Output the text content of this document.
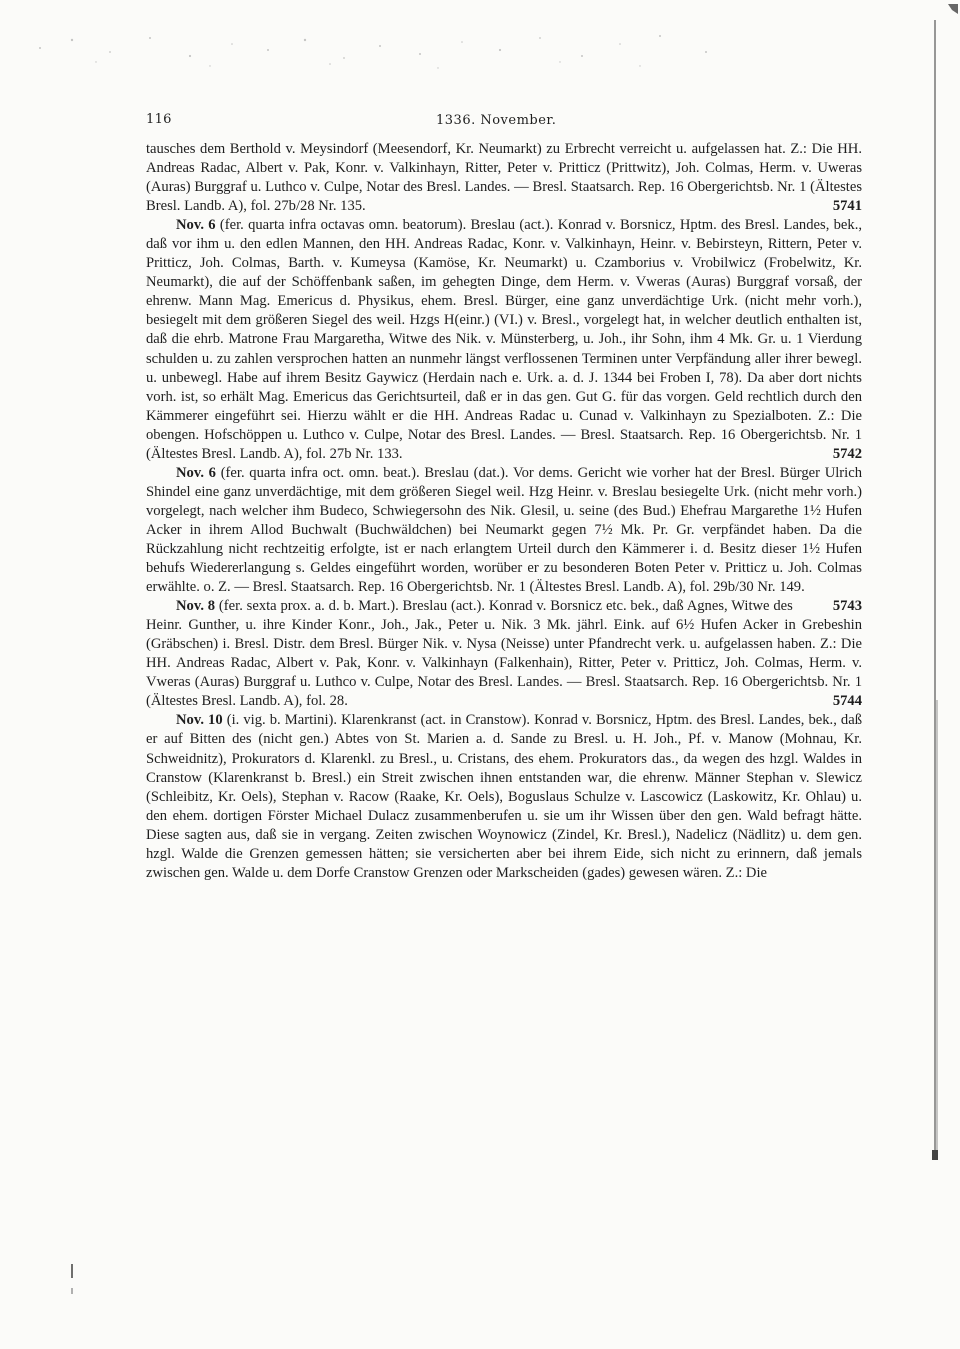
116	1336. November.

tausches dem Berthold v. Meysindorf (Meesendorf, Kr. Neumarkt) zu Erbrecht verreicht u. aufgelassen hat. Z.: Die HH. Andreas Radac, Albert v. Pak, Konr. v. Valkinhayn, Ritter, Peter v. Pritticz (Prittwitz), Joh. Colmas, Herm. v. Uweras (Auras) Burggraf u. Luthco v. Culpe, Notar des Bresl. Landes. — Bresl. Staatsarch. Rep. 16 Obergerichtsb. Nr. 1 (Ältestes Bresl. Landb. A), fol. 27b/28 Nr. 135.	5741

Nov. 6 (fer. quarta infra octavas omn. beatorum). Breslau (act.). Konrad v. Borsnicz, Hptm. des Bresl. Landes, bek., daß vor ihm u. den edlen Mannen, den HH. Andreas Radac, Konr. v. Valkinhayn, Heinr. v. Bebirsteyn, Rittern, Peter v. Pritticz, Joh. Colmas, Barth. v. Kumeysa (Kamöse, Kr. Neumarkt) u. Czamborius v. Vrobilwicz (Frobelwitz, Kr. Neumarkt), die auf der Schöffenbank saßen, im gehegten Dinge, dem Herm. v. Vweras (Auras) Burggraf vorsaß, der ehrenw. Mann Mag. Emericus d. Physikus, ehem. Bresl. Bürger, eine ganz unverdächtige Urk. (nicht mehr vorh.), besiegelt mit dem größeren Siegel des weil. Hzgs H(einr.) (VI.) v. Bresl., vorgelegt hat, in welcher deutlich enthalten ist, daß die ehrb. Matrone Frau Margaretha, Witwe des Nik. v. Münsterberg, u. Joh., ihr Sohn, ihm 4 Mk. Gr. u. 1 Vierdung schulden u. zu zahlen versprochen hatten an nunmehr längst verflossenen Terminen unter Verpfändung aller ihrer bewegl. u. unbewegl. Habe auf ihrem Besitz Gaywicz (Herdain nach e. Urk. a. d. J. 1344 bei Froben I, 78). Da aber dort nichts vorh. ist, so erhält Mag. Emericus das Gerichtsurteil, daß er in das gen. Gut G. für das vorgen. Geld rechtlich durch den Kämmerer eingeführt sei. Hierzu wählt er die HH. Andreas Radac u. Cunad v. Valkinhayn zu Spezialboten. Z.: Die obengen. Hofschöppen u. Luthco v. Culpe, Notar des Bresl. Landes. — Bresl. Staatsarch. Rep. 16 Obergerichtsb. Nr. 1 (Ältestes Bresl. Landb. A), fol. 27b Nr. 133.	5742

Nov. 6 (fer. quarta infra oct. omn. beat.). Breslau (dat.). Vor dems. Gericht wie vorher hat der Bresl. Bürger Ulrich Shindel eine ganz unverdächtige, mit dem größeren Siegel weil. Hzg Heinr. v. Breslau besiegelte Urk. (nicht mehr vorh.) vorgelegt, nach welcher ihm Budeco, Schwiegersohn des Nik. Glesil, u. seine (des Bud.) Ehefrau Margarethe 1½ Hufen Acker in ihrem Allod Buchwalt (Buchwäldchen) bei Neumarkt gegen 7½ Mk. Pr. Gr. verpfändet haben. Da die Rückzahlung nicht rechtzeitig erfolgte, ist er nach erlangtem Urteil durch den Kämmerer i. d. Besitz dieser 1½ Hufen behufs Wiedererlangung s. Geldes eingeführt worden, worüber er zu besonderen Boten Peter v. Pritticz u. Joh. Colmas erwählte. o. Z. — Bresl. Staatsarch. Rep. 16 Obergerichtsb. Nr. 1 (Ältestes Bresl. Landb. A), fol. 29b/30 Nr. 149.
5743

Nov. 8 (fer. sexta prox. a. d. b. Mart.). Breslau (act.). Konrad v. Borsnicz etc. bek., daß Agnes, Witwe des Heinr. Gunther, u. ihre Kinder Konr., Joh., Jak., Peter u. Nik. 3 Mk. jährl. Eink. auf 6½ Hufen Acker in Grebeshin (Gräbschen) i. Bresl. Distr. dem Bresl. Bürger Nik. v. Nysa (Neisse) unter Pfandrecht verk. u. aufgelassen haben. Z.: Die HH. Andreas Radac, Albert v. Pak, Konr. v. Valkinhayn (Falkenhain), Ritter, Peter v. Pritticz, Joh. Colmas, Herm. v. Vweras (Auras) Burggraf u. Luthco v. Culpe, Notar des Bresl. Landes. — Bresl. Staatsarch. Rep. 16 Obergerichtsb. Nr. 1 (Ältestes Bresl. Landb. A), fol. 28.	5744

Nov. 10 (i. vig. b. Martini). Klarenkranst (act. in Cranstow). Konrad v. Borsnicz, Hptm. des Bresl. Landes, bek., daß er auf Bitten des (nicht gen.) Abtes von St. Marien a. d. Sande zu Bresl. u. H. Joh., Pf. v. Manow (Mohnau, Kr. Schweidnitz), Prokurators d. Klarenkl. zu Bresl., u. Cristans, des ehem. Prokurators das., da wegen des hzgl. Waldes in Cranstow (Klarenkranst b. Bresl.) ein Streit zwischen ihnen entstanden war, die ehrenw. Männer Stephan v. Slewicz (Schleibitz, Kr. Oels), Stephan v. Racow (Raake, Kr. Oels), Boguslaus Schulze v. Lascowicz (Laskowitz, Kr. Ohlau) u. den ehem. dortigen Förster Michael Dulacz zusammenberufen u. sie um ihr Wissen über den gen. Wald befragt hätte. Diese sagten aus, daß sie in vergang. Zeiten zwischen Woynowicz (Zindel, Kr. Bresl.), Nadelicz (Nädlitz) u. dem gen. hzgl. Walde die Grenzen gemessen hätten; sie versicherten aber bei ihrem Eide, sich nicht zu erinnern, daß jemals zwischen gen. Walde u. dem Dorfe Cranstow Grenzen oder Markscheiden (gades) gewesen wären. Z.: Die
